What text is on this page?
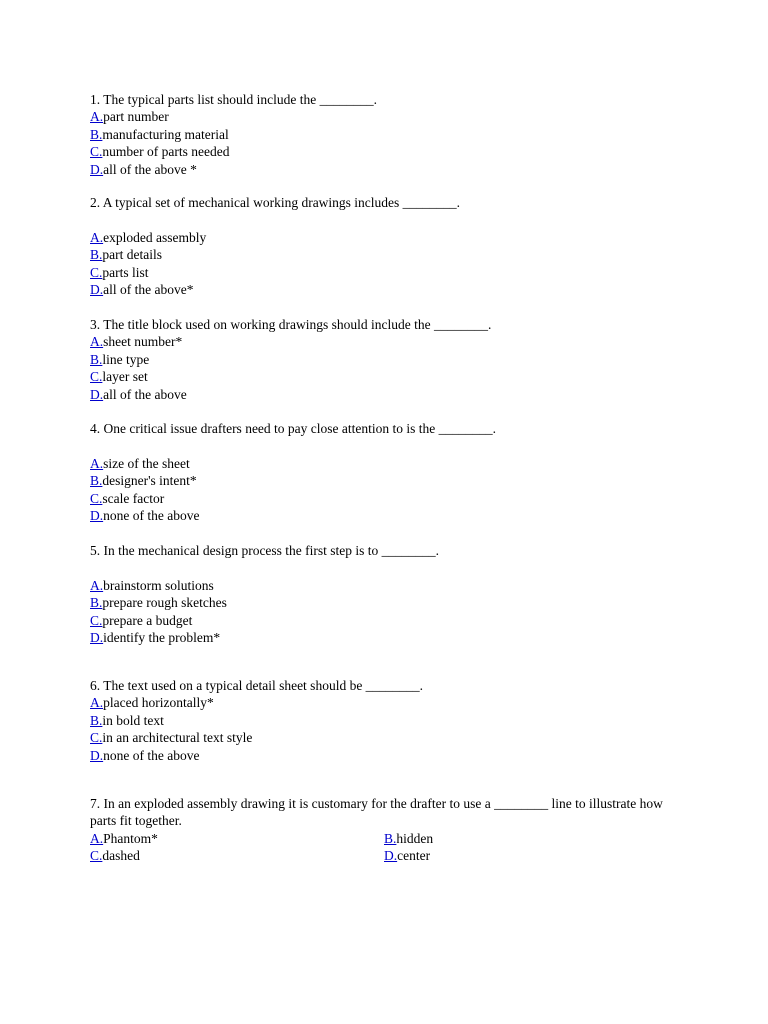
1. The typical parts list should include the ________.
A.part number
B.manufacturing material
C.number of parts needed
D.all of the above *
2. A typical set of mechanical working drawings includes ________.
A.exploded assembly
B.part details
C.parts list
D.all of the above*
3. The title block used on working drawings should include the ________.
A.sheet number*
B.line type
C.layer set
D.all of the above
4. One critical issue drafters need to pay close attention to is the ________.
A.size of the sheet
B.designer's intent*
C.scale factor
D.none of the above
5. In the mechanical design process the first step is to ________.
A.brainstorm solutions
B.prepare rough sketches
C.prepare a budget
D.identify the problem*
6. The text used on a typical detail sheet should be ________.
A.placed horizontally*
B.in bold text
C.in an architectural text style
D.none of the above
7. In an exploded assembly drawing it is customary for the drafter to use a ________ line to illustrate how parts fit together.
A.Phantom*	B.hidden
C.dashed	D.center
